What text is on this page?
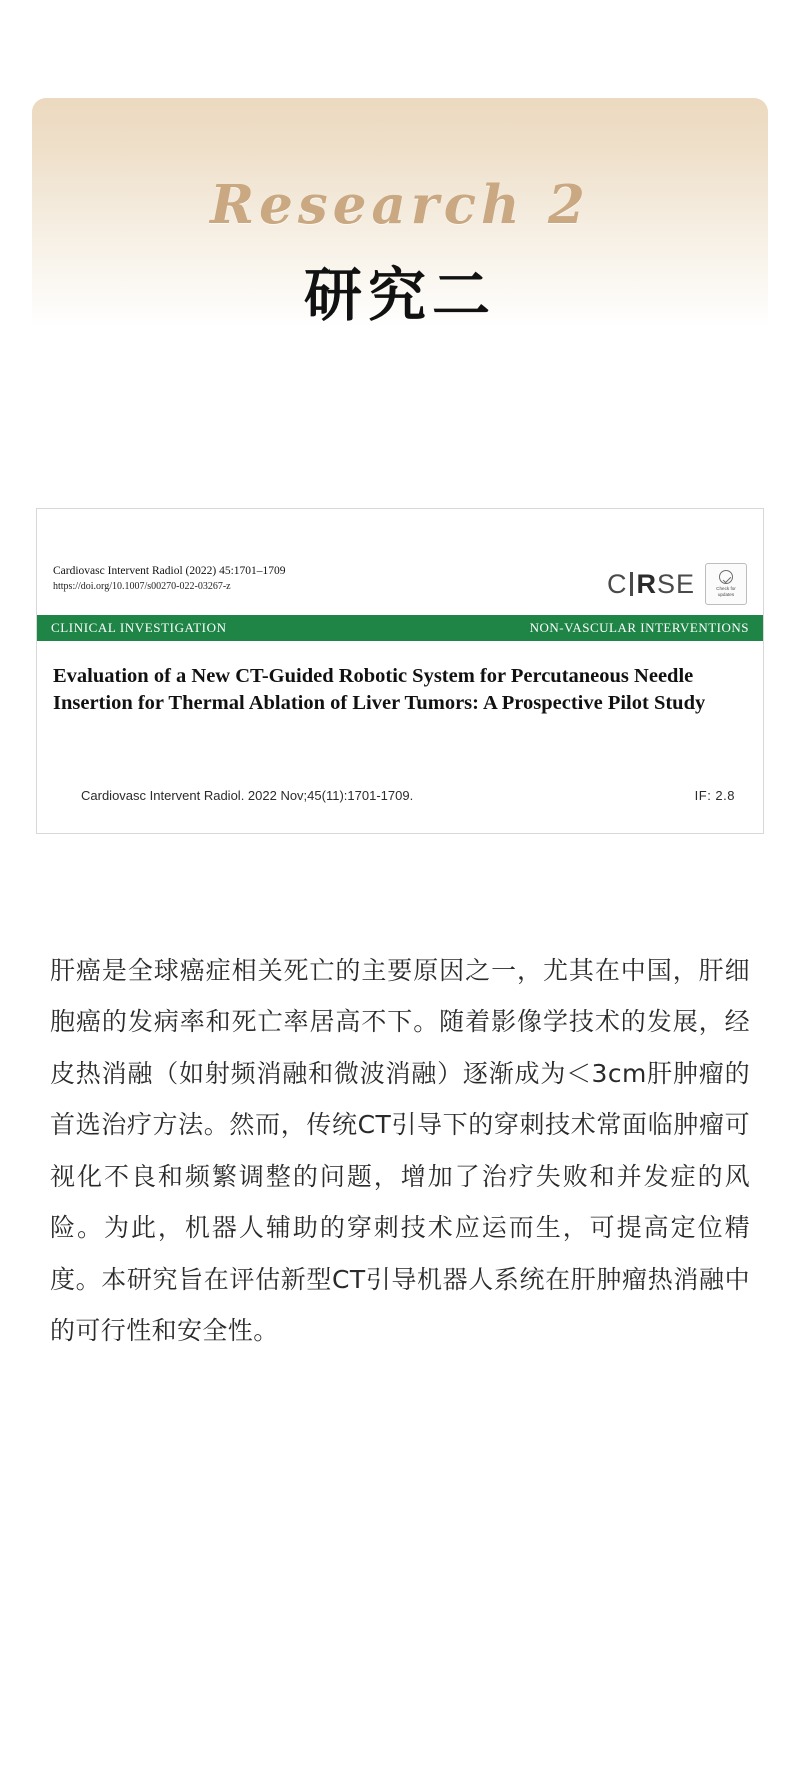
Research 2
研究二
Cardiovasc Intervent Radiol (2022) 45:1701–1709
https://doi.org/10.1007/s00270-022-03267-z	C R SE	Check for
updates
CLINICAL INVESTIGATION	NON-VASCULAR INTERVENTIONS
Evaluation of a New CT-Guided Robotic System for Percutaneous Needle Insertion for Thermal Ablation of Liver Tumors: A Prospective Pilot Study
Cardiovasc Intervent Radiol. 2022 Nov;45(11):1701-1709.	IF: 2.8

肝癌是全球癌症相关死亡的主要原因之一，尤其在中国，肝细胞癌的发病率和死亡率居高不下。随着影像学技术的发展，经皮热消融（如射频消融和微波消融）逐渐成为＜3cm肝肿瘤的首选治疗方法。然而，传统CT引导下的穿刺技术常面临肿瘤可视化不良和频繁调整的问题，增加了治疗失败和并发症的风险。为此，机器人辅助的穿刺技术应运而生，可提高定位精度。本研究旨在评估新型CT引导机器人系统在肝肿瘤热消融中的可行性和安全性。
